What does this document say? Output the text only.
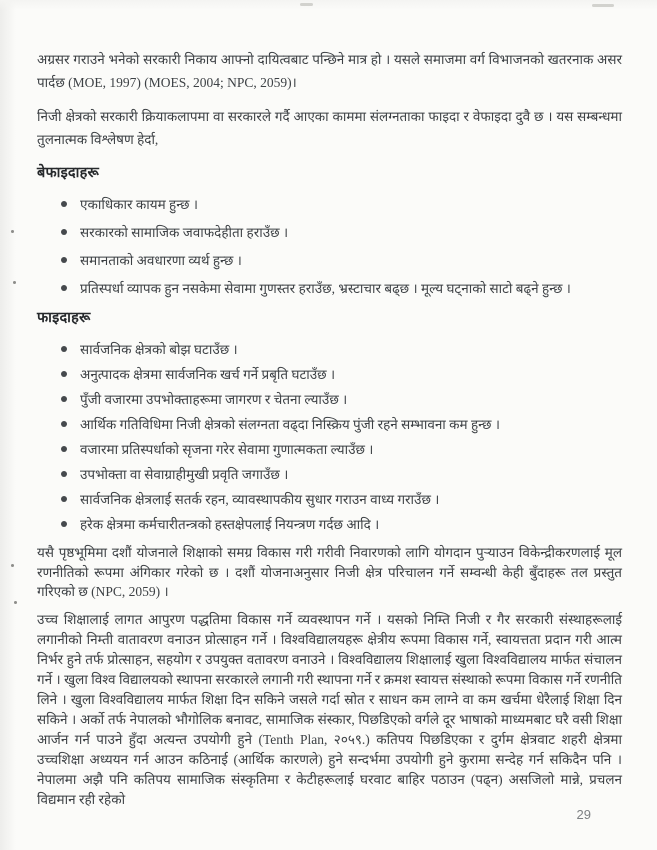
अग्रसर गराउने भनेको सरकारी निकाय आफ्नो दायित्वबाट पन्छिने मात्र हो । यसले समाजमा वर्ग विभाजनको खतरनाक असर पार्दछ (MOE, 1997) (MOES, 2004; NPC, 2059)।

निजी क्षेत्रको सरकारी क्रियाकलापमा वा सरकारले गर्दै आएका काममा संलग्नताका फाइदा र वेफाइदा दुवै छ । यस सम्बन्धमा तुलनात्मक विश्लेषण हेर्दा,

बेफाइदाहरू
एकाधिकार कायम हुन्छ ।
सरकारको सामाजिक जवाफदेहीता हराउँछ ।
समानताको अवधारणा व्यर्थ हुन्छ ।
प्रतिस्पर्धा व्यापक हुन नसकेमा सेवामा गुणस्तर हराउँछ, भ्रस्टाचार बढ्छ । मूल्य घट्नाको साटो बढ्ने हुन्छ ।
फाइदाहरू
सार्वजनिक क्षेत्रको बोझ घटाउँछ ।
अनुत्पादक क्षेत्रमा सार्वजनिक खर्च गर्ने प्रबृति घटाउँछ ।
पुँजी वजारमा उपभोक्ताहरूमा जागरण र चेतना ल्याउँछ ।
आर्थिक गतिविधिमा निजी क्षेत्रको संलग्नता वढ्दा निस्क्रिय पुंजी रहने सम्भावना कम हुन्छ ।
वजारमा प्रतिस्पर्धाको सृजना गरेर सेवामा गुणात्मकता ल्याउँछ ।
उपभोक्ता वा सेवाग्राहीमुखी प्रवृति जगाउँछ ।
सार्वजनिक क्षेत्रलाई सतर्क रहन, व्यावस्थापकीय सुधार गराउन वाध्य गराउँछ ।
हरेक क्षेत्रमा कर्मचारीतन्त्रको हस्तक्षेपलाई नियन्त्रण गर्दछ आदि ।

यसै पृष्ठभूमिमा दशौं योजनाले शिक्षाको समग्र विकास गरी गरीवी निवारणको लागि योगदान पुऱ्याउन विकेन्द्रीकरणलाई मूल रणनीतिको रूपमा अंगिकार गरेको छ । दशौं योजनाअनुसार निजी क्षेत्र परिचालन गर्ने सम्वन्धी केही बुँदाहरू तल प्रस्तुत गरिएको छ (NPC, 2059) ।

उच्च शिक्षालाई लागत आपुरण पद्धतिमा विकास गर्ने व्यवस्थापन गर्ने । यसको निम्ति निजी र गैर सरकारी संस्थाहरूलाई लगानीको निम्ती वातावरण वनाउन प्रोत्साहन गर्ने । विश्वविद्यालयहरू क्षेत्रीय रूपमा विकास गर्ने, स्वायत्तता प्रदान गरी आत्म निर्भर हुने तर्फ प्रोत्साहन, सहयोग र उपयुक्त वतावरण वनाउने । विश्वविद्यालय शिक्षालाई खुला विश्वविद्यालय मार्फत संचालन गर्ने । खुला विश्व विद्यालयको स्थापना सरकारले लगानी गरी स्थापना गर्ने र क्रमश स्वायत्त संस्थाको रूपमा विकास गर्ने रणनीति लिने । खुला विश्वविद्यालय मार्फत शिक्षा दिन सकिने जसले गर्दा स्रोत र साधन कम लाग्ने वा कम खर्चमा धेरैलाई शिक्षा दिन सकिने । अर्को तर्फ नेपालको भौगोलिक बनावट, सामाजिक संस्कार, पिछडिएको वर्गले दूर भाषाको माध्यमबाट घरै वसी शिक्षा आर्जन गर्न पाउने हुँदा अत्यन्त उपयोगी हुने (Tenth Plan, २०५९.) कतिपय पिछडिएका र दुर्गम क्षेत्रवाट शहरी क्षेत्रमा उच्चशिक्षा अध्ययन गर्न आउन कठिनाई (आर्थिक कारणले) हुने सन्दर्भमा उपयोगी हुने कुरामा सन्देह गर्न सकिदैन पनि । नेपालमा अझै पनि कतिपय सामाजिक संस्कृतिमा र केटीहरूलाई घरवाट बाहिर पठाउन (पढ्न) असजिलो मान्ने, प्रचलन विद्यमान रही रहेको

29
